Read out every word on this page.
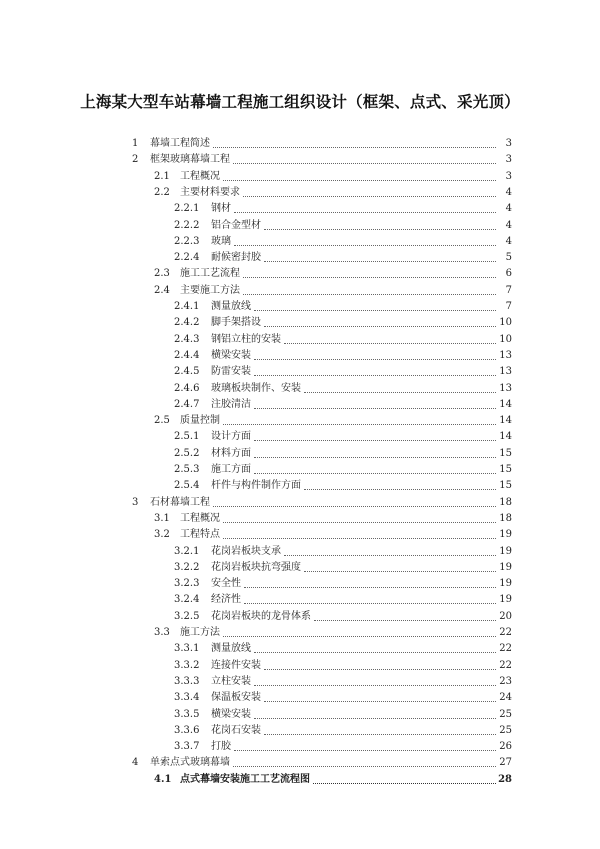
上海某大型车站幕墙工程施工组织设计（框架、点式、采光顶）
1	幕墙工程简述	3
2	框架玻璃幕墙工程	3
2.1	工程概况	3
2.2	主要材料要求	4
2.2.1	钢材	4
2.2.2	铝合金型材	4
2.2.3	玻璃	4
2.2.4	耐候密封胶	5
2.3	施工工艺流程	6
2.4	主要施工方法	7
2.4.1	测量放线	7
2.4.2	脚手架搭设	10
2.4.3	钢铝立柱的安装	10
2.4.4	横梁安装	13
2.4.5	防雷安装	13
2.4.6	玻璃板块制作、安装	13
2.4.7	注胶清洁	14
2.5	质量控制	14
2.5.1	设计方面	14
2.5.2	材料方面	15
2.5.3	施工方面	15
2.5.4	杆件与构件制作方面	15
3	石材幕墙工程	18
3.1	工程概况	18
3.2	工程特点	19
3.2.1	花岗岩板块支承	19
3.2.2	花岗岩板块抗弯强度	19
3.2.3	安全性	19
3.2.4	经济性	19
3.2.5	花岗岩板块的龙骨体系	20
3.3	施工方法	22
3.3.1	测量放线	22
3.3.2	连接件安装	22
3.3.3	立柱安装	23
3.3.4	保温板安装	24
3.3.5	横梁安装	25
3.3.6	花岗石安装	25
3.3.7	打胶	26
4	单索点式玻璃幕墙	27
4.1 点式幕墙安装施工工艺流程图	28
